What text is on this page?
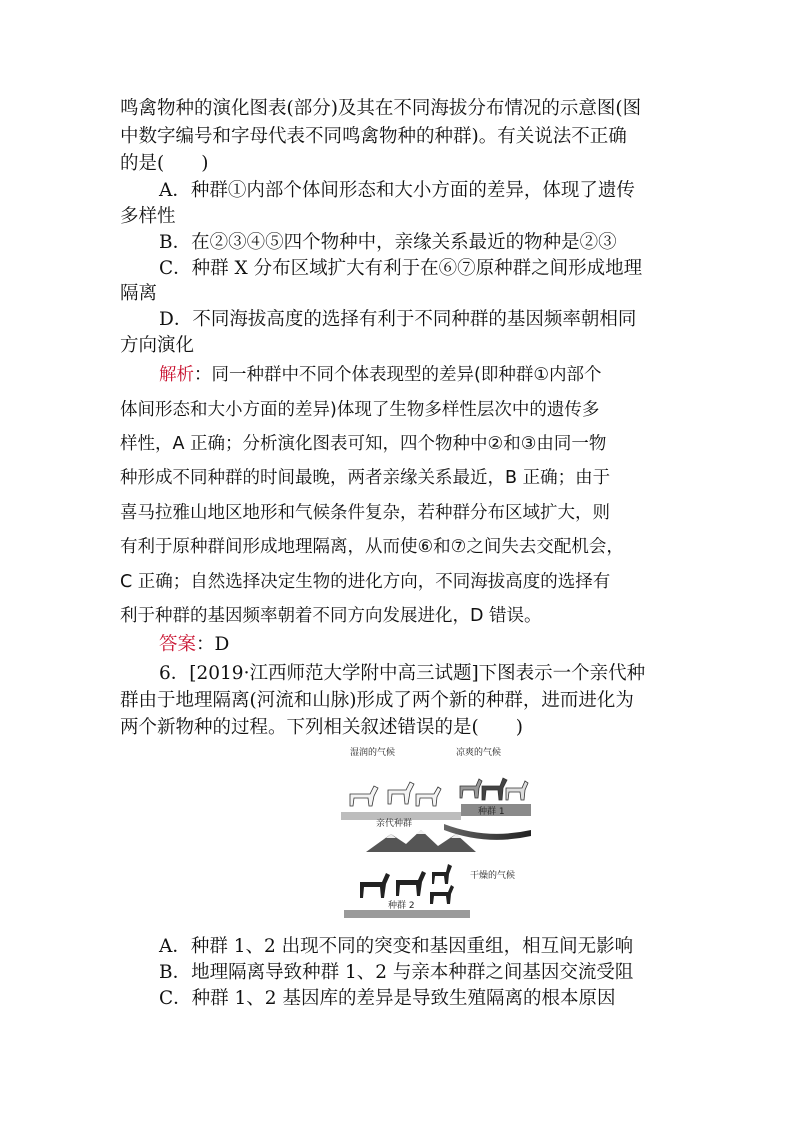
鸣禽物种的演化图表(部分)及其在不同海拔分布情况的示意图(图
中数字编号和字母代表不同鸣禽物种的种群)。有关说法不正确
的是(　　)
A．种群①内部个体间形态和大小方面的差异，体现了遗传
多样性
B．在②③④⑤四个物种中，亲缘关系最近的物种是②③
C．种群 X 分布区域扩大有利于在⑥⑦原种群之间形成地理
隔离
D．不同海拔高度的选择有利于不同种群的基因频率朝相同
方向演化
解析：同一种群中不同个体表现型的差异(即种群①内部个
体间形态和大小方面的差异)体现了生物多样性层次中的遗传多
样性，A 正确；分析演化图表可知，四个物种中②和③由同一物
种形成不同种群的时间最晚，两者亲缘关系最近，B 正确；由于
喜马拉雅山地区地形和气候条件复杂，若种群分布区域扩大，则
有利于原种群间形成地理隔离，从而使⑥和⑦之间失去交配机会，
C 正确；自然选择决定生物的进化方向，不同海拔高度的选择有
利于种群的基因频率朝着不同方向发展进化，D 错误。
答案：D
6．[2019·江西师范大学附中高三试题]下图表示一个亲代种
群由于地理隔离(河流和山脉)形成了两个新的种群，进而进化为
两个新物种的过程。下列相关叙述错误的是(　　)
湿润的气候	凉爽的气候
亲代种群
种群 1
干燥的气候
种群 2
A．种群 1、2 出现不同的突变和基因重组，相互间无影响
B．地理隔离导致种群 1、2 与亲本种群之间基因交流受阻
C．种群 1、2 基因库的差异是导致生殖隔离的根本原因
